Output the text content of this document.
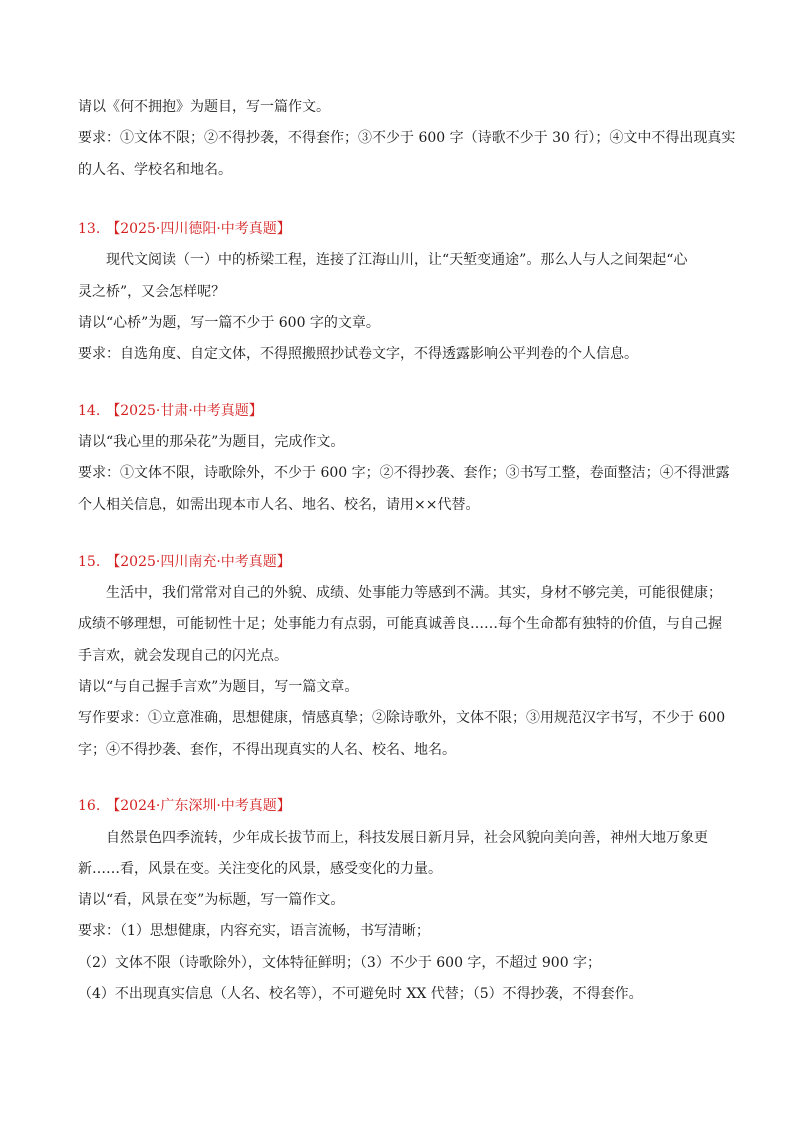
请以《何不拥抱》为题目，写一篇作文。
要求：①文体不限；②不得抄袭，不得套作；③不少于 600 字（诗歌不少于 30 行）；④文中不得出现真实
的人名、学校名和地名。
13. 【2025·四川德阳·中考真题】
现代文阅读（一）中的桥梁工程，连接了江海山川，让“天堑变通途”。那么人与人之间架起“心
灵之桥”，又会怎样呢？
请以“心桥”为题，写一篇不少于 600 字的文章。
要求：自选角度、自定文体，不得照搬照抄试卷文字，不得透露影响公平判卷的个人信息。
14. 【2025·甘肃·中考真题】
请以“我心里的那朵花”为题目，完成作文。
要求：①文体不限，诗歌除外，不少于 600 字；②不得抄袭、套作；③书写工整，卷面整洁；④不得泄露
个人相关信息，如需出现本市人名、地名、校名，请用××代替。
15. 【2025·四川南充·中考真题】
生活中，我们常常对自己的外貌、成绩、处事能力等感到不满。其实，身材不够完美，可能很健康；
成绩不够理想，可能韧性十足；处事能力有点弱，可能真诚善良……每个生命都有独特的价值，与自己握
手言欢，就会发现自己的闪光点。
请以“与自己握手言欢”为题目，写一篇文章。
写作要求：①立意准确，思想健康，情感真挚；②除诗歌外，文体不限；③用规范汉字书写，不少于 600
字；④不得抄袭、套作，不得出现真实的人名、校名、地名。
16. 【2024·广东深圳·中考真题】
自然景色四季流转，少年成长拔节而上，科技发展日新月异，社会风貌向美向善，神州大地万象更
新……看，风景在变。关注变化的风景，感受变化的力量。
请以“看，风景在变”为标题，写一篇作文。
要求：（1）思想健康，内容充实，语言流畅，书写清晰；
（2）文体不限（诗歌除外），文体特征鲜明；（3）不少于 600 字，不超过 900 字；
（4）不出现真实信息（人名、校名等），不可避免时 XX 代替；（5）不得抄袭，不得套作。
